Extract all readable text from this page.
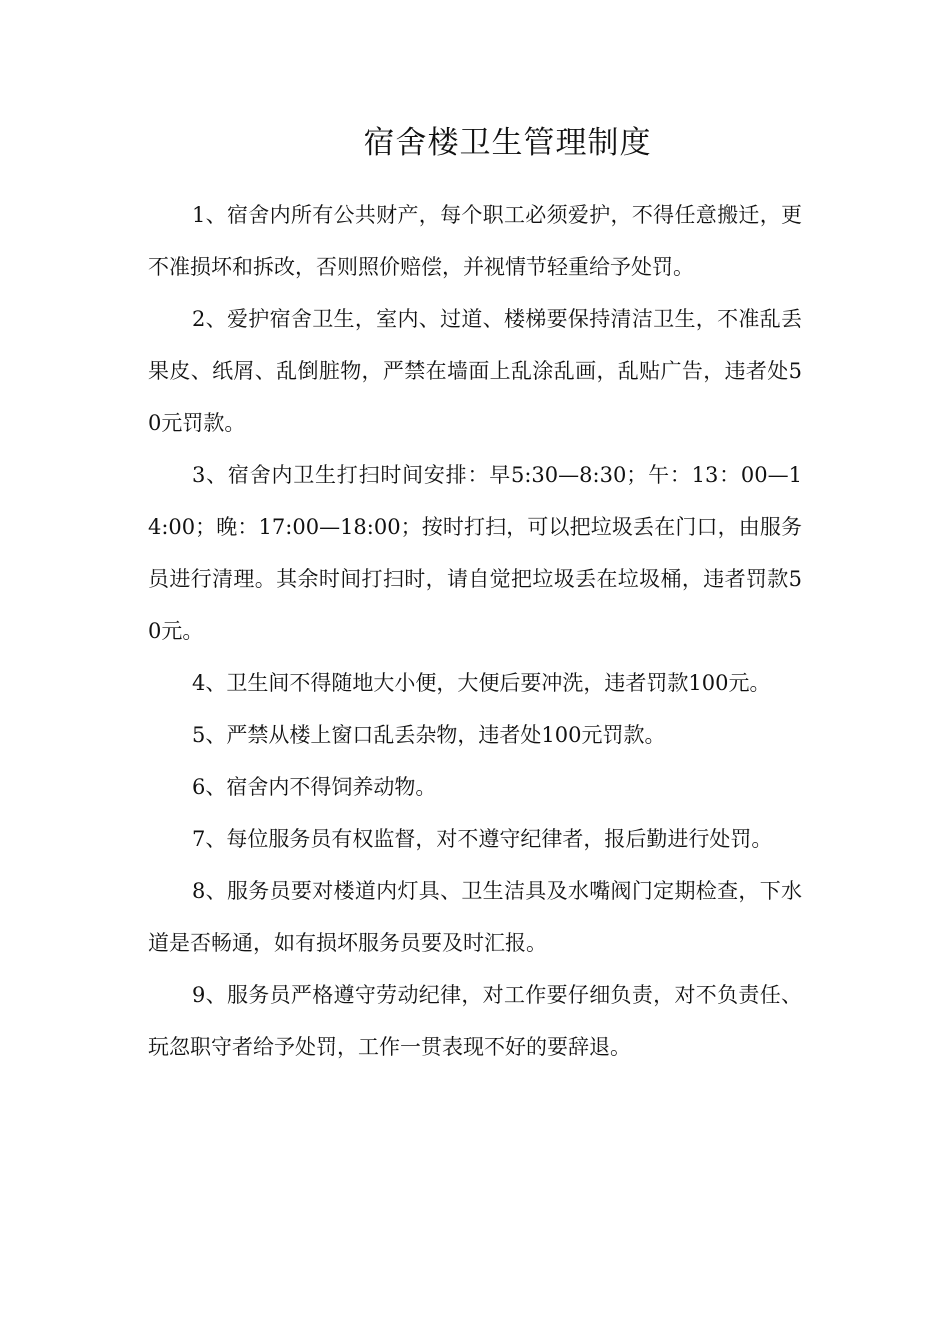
宿舍楼卫生管理制度

1、宿舍内所有公共财产，每个职工必须爱护，不得任意搬迁，更不准损坏和拆改，否则照价赔偿，并视情节轻重给予处罚。

2、爱护宿舍卫生，室内、过道、楼梯要保持清洁卫生，不准乱丢果皮、纸屑、乱倒脏物，严禁在墙面上乱涂乱画，乱贴广告，违者处50元罚款。

3、宿舍内卫生打扫时间安排：早5:30—8:30；午：13：00—14:00；晚：17:00—18:00；按时打扫，可以把垃圾丢在门口，由服务员进行清理。其余时间打扫时，请自觉把垃圾丢在垃圾桶，违者罚款50元。

4、卫生间不得随地大小便，大便后要冲洗，违者罚款100元。

5、严禁从楼上窗口乱丢杂物，违者处100元罚款。

6、宿舍内不得饲养动物。

7、每位服务员有权监督，对不遵守纪律者，报后勤进行处罚。

8、服务员要对楼道内灯具、卫生洁具及水嘴阀门定期检查，下水道是否畅通，如有损坏服务员要及时汇报。

9、服务员严格遵守劳动纪律，对工作要仔细负责，对不负责任、玩忽职守者给予处罚，工作一贯表现不好的要辞退。
